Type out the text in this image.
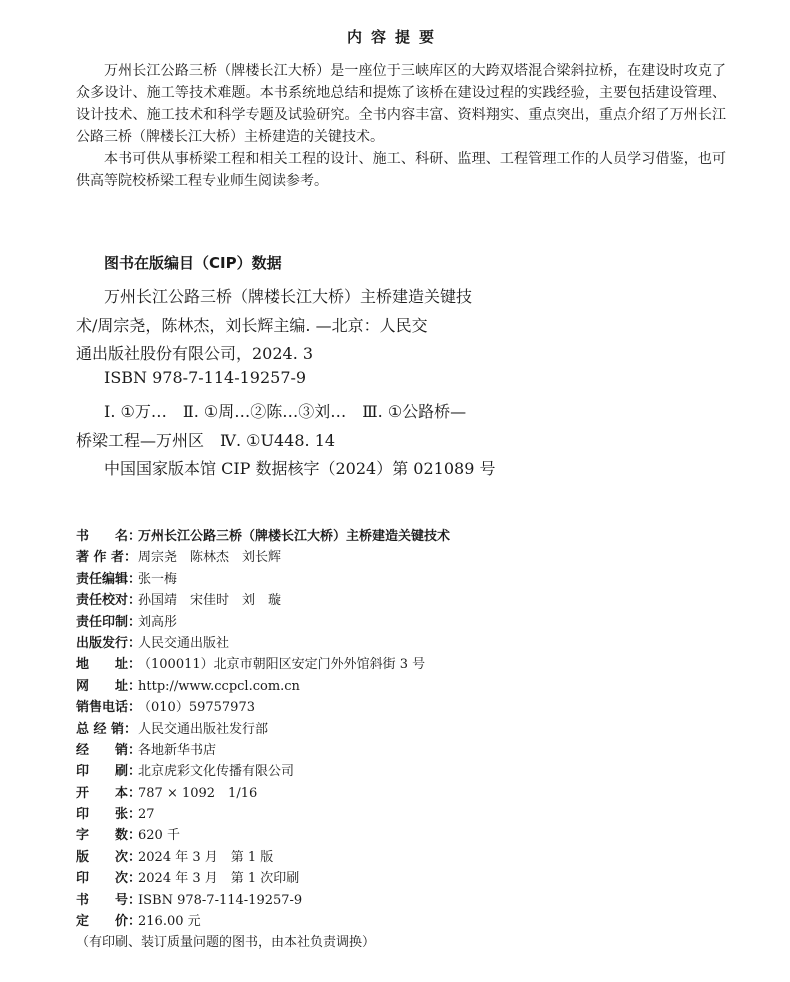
内容提要

万州长江公路三桥（牌楼长江大桥）是一座位于三峡库区的大跨双塔混合梁斜拉桥，在建设时攻克了众多设计、施工等技术难题。本书系统地总结和提炼了该桥在建设过程的实践经验，主要包括建设管理、设计技术、施工技术和科学专题及试验研究。全书内容丰富、资料翔实、重点突出，重点介绍了万州长江公路三桥（牌楼长江大桥）主桥建造的关键技术。

本书可供从事桥梁工程和相关工程的设计、施工、科研、监理、工程管理工作的人员学习借鉴，也可供高等院校桥梁工程专业师生阅读参考。

图书在版编目（CIP）数据
万州长江公路三桥（牌楼长江大桥）主桥建造关键技
术/周宗尧，陈林杰，刘长辉主编. —北京：人民交
通出版社股份有限公司，2024. 3
ISBN 978-7-114-19257-9
Ⅰ. ①万…　Ⅱ. ①周…②陈…③刘…　Ⅲ. ①公路桥—
桥梁工程—万州区　Ⅳ. ①U448. 14
中国国家版本馆 CIP 数据核字（2024）第 021089 号
书　　名：
万州长江公路三桥（牌楼长江大桥）主桥建造关键技术
著 作 者： 周宗尧　陈林杰　刘长辉
责任编辑：
张一梅
责任校对：
孙国靖　宋佳时　刘　璇
责任印制：
刘高彤
出版发行：
人民交通出版社
地　　址：
（100011）北京市朝阳区安定门外外馆斜街 3 号
网　　址：
http://www.ccpcl.com.cn
销售电话：
（010）59757973
总 经 销： 人民交通出版社发行部
经　　销：
各地新华书店
印　　刷：
北京虎彩文化传播有限公司
开　　本：
787 × 1092　1/16
印　　张：
27
字　　数：
620 千
版　　次：
2024 年 3 月　第 1 版
印　　次：
2024 年 3 月　第 1 次印刷
书　　号：
ISBN 978-7-114-19257-9
定　　价：
216.00 元
（有印刷、装订质量问题的图书，由本社负责调换）
